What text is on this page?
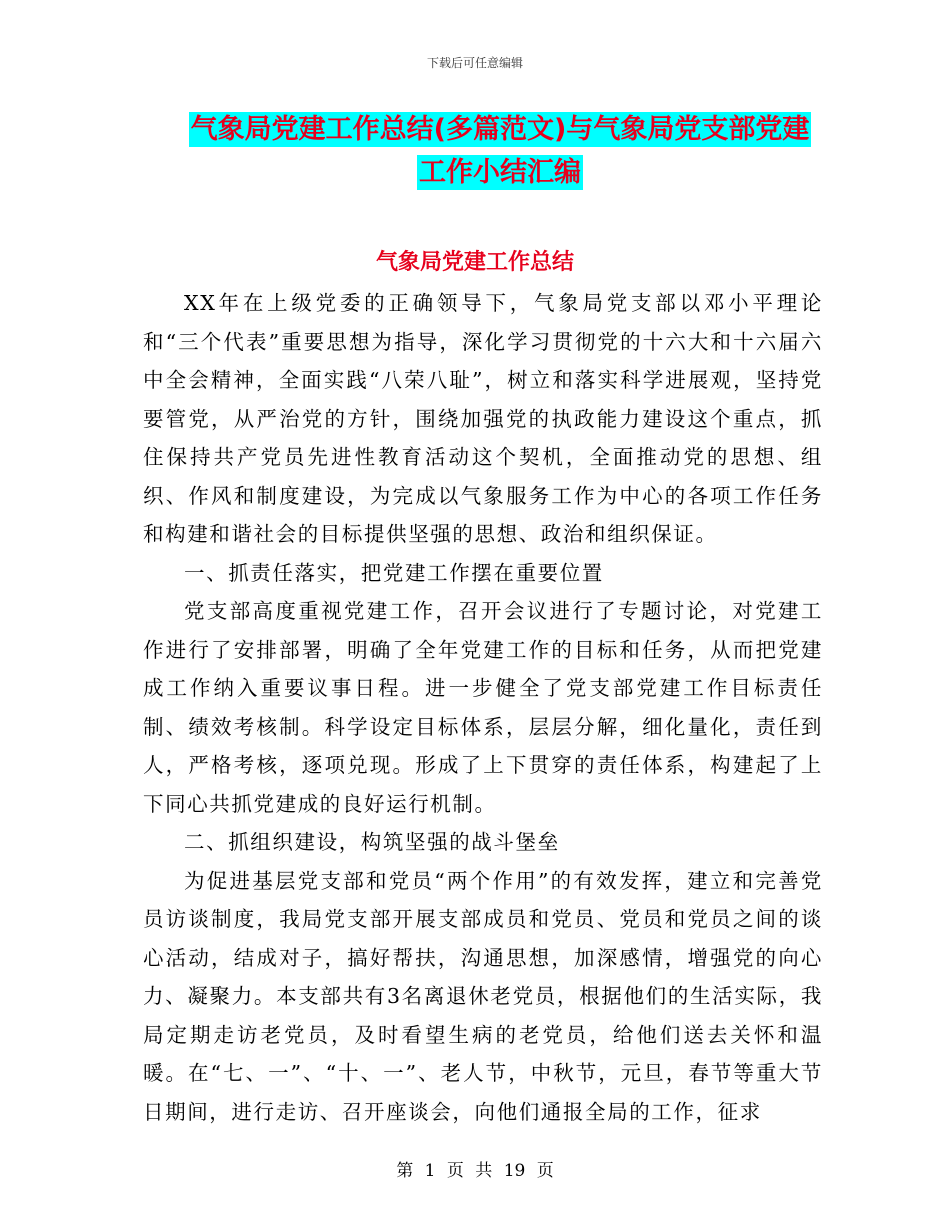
下载后可任意编辑
气象局党建工作总结(多篇范文)与气象局党支部党建
工作小结汇编
气象局党建工作总结

XX年在上级党委的正确领导下，气象局党支部以邓小平理论和“三个代表”重要思想为指导，深化学习贯彻党的十六大和十六届六中全会精神，全面实践“八荣八耻”，树立和落实科学进展观，坚持党要管党，从严治党的方针，围绕加强党的执政能力建设这个重点，抓住保持共产党员先进性教育活动这个契机，全面推动党的思想、组织、作风和制度建设，为完成以气象服务工作为中心的各项工作任务和构建和谐社会的目标提供坚强的思想、政治和组织保证。

一、抓责任落实，把党建工作摆在重要位置

党支部高度重视党建工作，召开会议进行了专题讨论，对党建工作进行了安排部署，明确了全年党建工作的目标和任务，从而把党建成工作纳入重要议事日程。进一步健全了党支部党建工作目标责任制、绩效考核制。科学设定目标体系，层层分解，细化量化，责任到人，严格考核，逐项兑现。形成了上下贯穿的责任体系，构建起了上下同心共抓党建成的良好运行机制。

二、抓组织建设，构筑坚强的战斗堡垒

为促进基层党支部和党员“两个作用”的有效发挥，建立和完善党员访谈制度，我局党支部开展支部成员和党员、党员和党员之间的谈心活动，结成对子，搞好帮扶，沟通思想，加深感情，增强党的向心力、凝聚力。本支部共有3名离退休老党员，根据他们的生活实际，我局定期走访老党员，及时看望生病的老党员，给他们送去关怀和温暖。在“七、一”、“十、一”、老人节，中秋节，元旦，春节等重大节日期间，进行走访、召开座谈会，向他们通报全局的工作，征求

第 1 页 共 19 页
